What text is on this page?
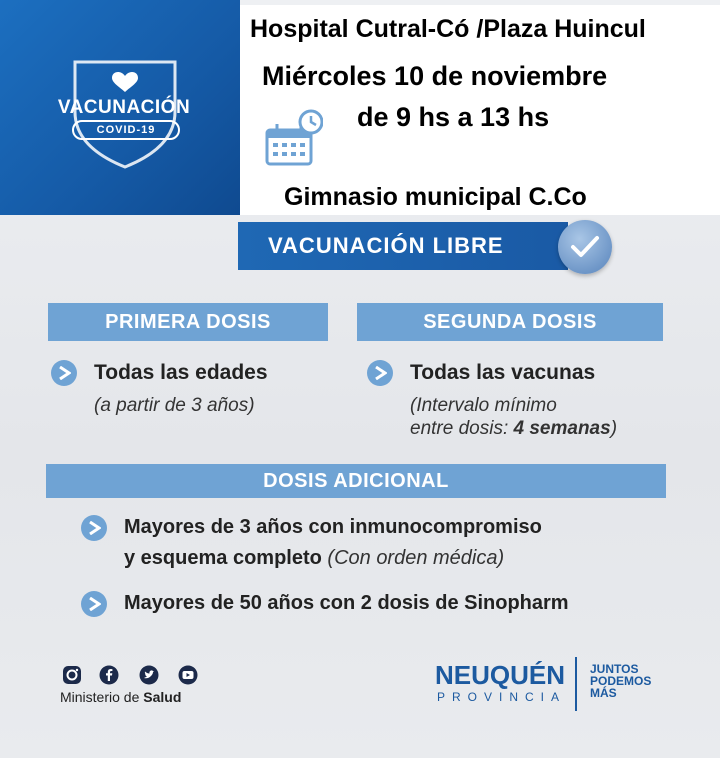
VACUNACIÓN
COVID-19
Hospital Cutral-Có /Plaza Huincul
Miércoles 10 de noviembre
de 9 hs a 13 hs
Gimnasio municipal C.Co
VACUNACIÓN LIBRE
PRIMERA DOSIS
Todas las edades
(a partir de 3 años)
SEGUNDA DOSIS
Todas las vacunas
(Intervalo mínimo
entre dosis: 4 semanas)
DOSIS ADICIONAL
Mayores de 3 años con inmunocompromiso
y esquema completo (Con orden médica)
Mayores de 50 años con 2 dosis de Sinopharm
Ministerio de Salud
NEUQUÉN
PROVINCIA
JUNTOS
PODEMOS
MÁS
